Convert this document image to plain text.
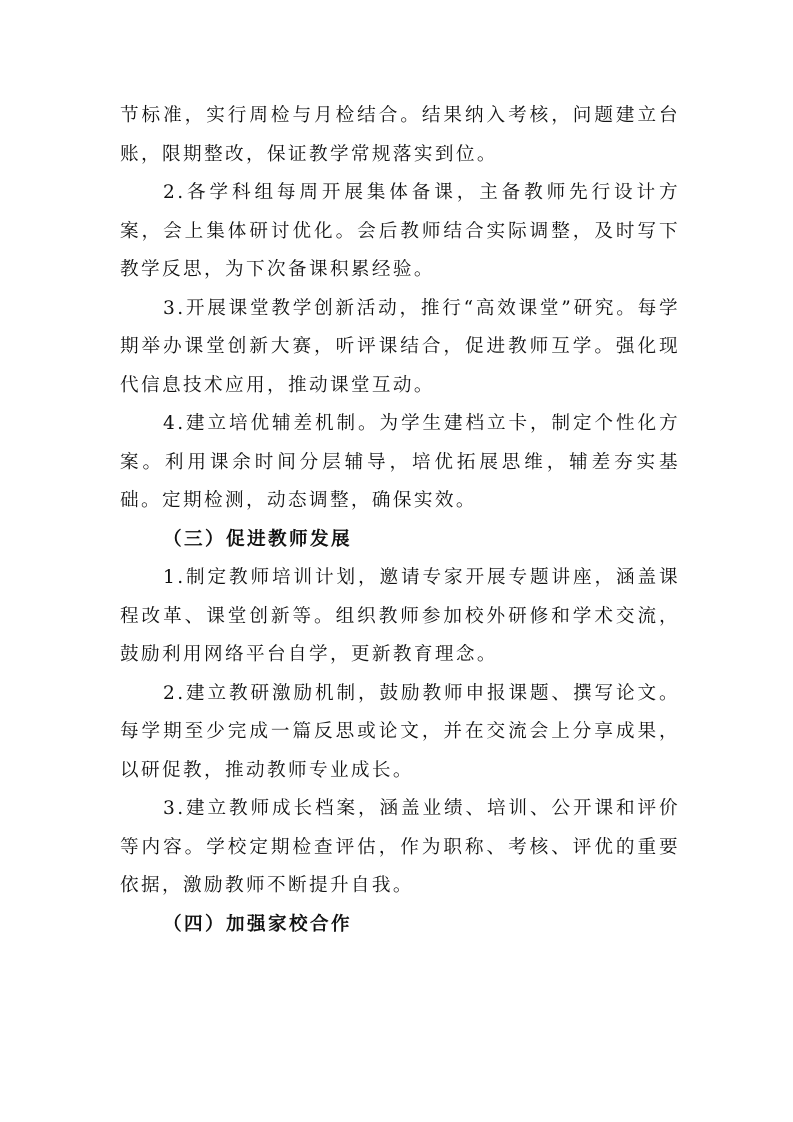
节标准，实行周检与月检结合。结果纳入考核，问题建立台账，限期整改，保证教学常规落实到位。

2.各学科组每周开展集体备课，主备教师先行设计方案，会上集体研讨优化。会后教师结合实际调整，及时写下教学反思，为下次备课积累经验。

3.开展课堂教学创新活动，推行“高效课堂”研究。每学期举办课堂创新大赛，听评课结合，促进教师互学。强化现代信息技术应用，推动课堂互动。

4.建立培优辅差机制。为学生建档立卡，制定个性化方案。利用课余时间分层辅导，培优拓展思维，辅差夯实基础。定期检测，动态调整，确保实效。

（三）促进教师发展

1.制定教师培训计划，邀请专家开展专题讲座，涵盖课程改革、课堂创新等。组织教师参加校外研修和学术交流，鼓励利用网络平台自学，更新教育理念。

2.建立教研激励机制，鼓励教师申报课题、撰写论文。每学期至少完成一篇反思或论文，并在交流会上分享成果，以研促教，推动教师专业成长。

3.建立教师成长档案，涵盖业绩、培训、公开课和评价等内容。学校定期检查评估，作为职称、考核、评优的重要依据，激励教师不断提升自我。

（四）加强家校合作
